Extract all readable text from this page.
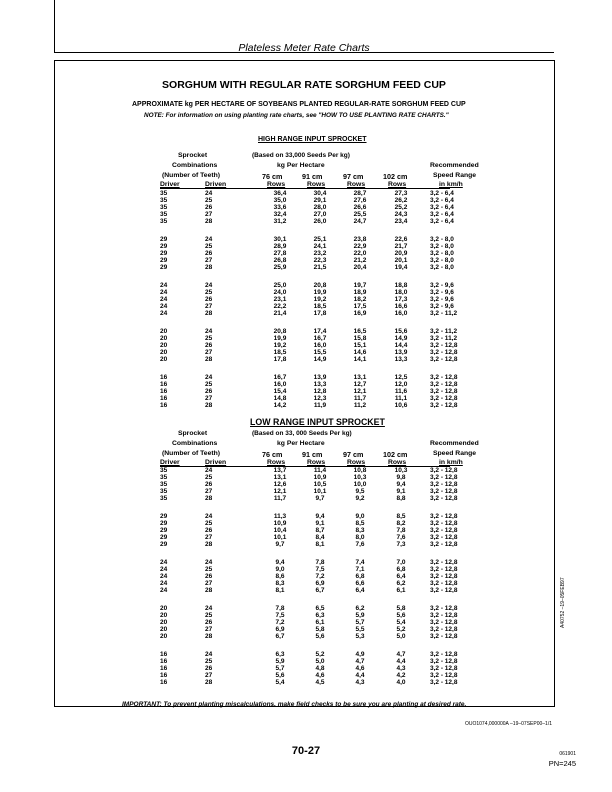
Plateless Meter Rate Charts
SORGHUM WITH REGULAR RATE SORGHUM FEED CUP
APPROXIMATE kg PER HECTARE OF SOYBEANS PLANTED REGULAR-RATE SORGHUM FEED CUP
NOTE: For information on using planting rate charts, see "HOW TO USE PLANTING RATE CHARTS."
HIGH RANGE INPUT SPROCKET
Sprocket	(Based on 33,000 Seeds Per kg)
Combinations	kg Per Hectare	Recommended
(Number of Teeth)	76 cm	91 cm	97 cm	102 cm	Speed Range
Driver	Driven	Rows	Rows	Rows	Rows	in km/h
35	24	36,4	30,4	28,7	27,3	3,2 - 6,4
35	25	35,0	29,1	27,6	26,2	3,2 - 6,4
35	26	33,6	28,0	26,6	25,2	3,2 - 6,4
35	27	32,4	27,0	25,5	24,3	3,2 - 6,4
35	28	31,2	26,0	24,7	23,4	3,2 - 6,4
29	24	30,1	25,1	23,8	22,6	3,2 - 8,0
29	25	28,9	24,1	22,9	21,7	3,2 - 8,0
29	26	27,8	23,2	22,0	20,9	3,2 - 8,0
29	27	26,8	22,3	21,2	20,1	3,2 - 8,0
29	28	25,9	21,5	20,4	19,4	3,2 - 8,0
24	24	25,0	20,8	19,7	18,8	3,2 - 9,6
24	25	24,0	19,9	18,9	18,0	3,2 - 9,6
24	26	23,1	19,2	18,2	17,3	3,2 - 9,6
24	27	22,2	18,5	17,5	16,6	3,2 - 9,6
24	28	21,4	17,8	16,9	16,0	3,2 - 11,2
20	24	20,8	17,4	16,5	15,6	3,2 - 11,2
20	25	19,9	16,7	15,8	14,9	3,2 - 11,2
20	26	19,2	16,0	15,1	14,4	3,2 - 12,8
20	27	18,5	15,5	14,6	13,9	3,2 - 12,8
20	28	17,8	14,9	14,1	13,3	3,2 - 12,8
16	24	16,7	13,9	13,1	12,5	3,2 - 12,8
16	25	16,0	13,3	12,7	12,0	3,2 - 12,8
16	26	15,4	12,8	12,1	11,6	3,2 - 12,8
16	27	14,8	12,3	11,7	11,1	3,2 - 12,8
16	28	14,2	11,9	11,2	10,6	3,2 - 12,8
LOW RANGE INPUT SPROCKET
Sprocket	(Based on 33, 000 Seeds Per kg)
Combinations	kg Per Hectare	Recommended
(Number of Teeth)	76 cm	91 cm	97 cm	102 cm	Speed Range
Driver	Driven	Rows	Rows	Rows	Rows	in km/h
35	24	13,7	11,4	10,8	10,3	3,2 - 12,8
35	25	13,1	10,9	10,3	9,8	3,2 - 12,8
35	26	12,6	10,5	10,0	9,4	3,2 - 12,8
35	27	12,1	10,1	9,5	9,1	3,2 - 12,8
35	28	11,7	9,7	9,2	8,8	3,2 - 12,8
29	24	11,3	9,4	9,0	8,5	3,2 - 12,8
29	25	10,9	9,1	8,5	8,2	3,2 - 12,8
29	26	10,4	8,7	8,3	7,8	3,2 - 12,8
29	27	10,1	8,4	8,0	7,6	3,2 - 12,8
29	28	9,7	8,1	7,6	7,3	3,2 - 12,8
24	24	9,4	7,8	7,4	7,0	3,2 - 12,8
24	25	9,0	7,5	7,1	6,8	3,2 - 12,8
24	26	8,6	7,2	6,8	6,4	3,2 - 12,8
24	27	8,3	6,9	6,6	6,2	3,2 - 12,8
24	28	8,1	6,7	6,4	6,1	3,2 - 12,8
20	24	7,8	6,5	6,2	5,8	3,2 - 12,8
20	25	7,5	6,3	5,9	5,6	3,2 - 12,8
20	26	7,2	6,1	5,7	5,4	3,2 - 12,8
20	27	6,9	5,8	5,5	5,2	3,2 - 12,8
20	28	6,7	5,6	5,3	5,0	3,2 - 12,8
16	24	6,3	5,2	4,9	4,7	3,2 - 12,8
16	25	5,9	5,0	4,7	4,4	3,2 - 12,8
16	26	5,7	4,8	4,6	4,3	3,2 - 12,8
16	27	5,6	4,6	4,4	4,2	3,2 - 12,8
16	28	5,4	4,5	4,3	4,0	3,2 - 12,8
IMPORTANT: To prevent planting miscalculations, make field checks to be sure you are planting at desired rate.
A40752 –19–05FEB97
OUO1074,000000A –19–07SEP00–1/1
70-27	061901
PN=245
